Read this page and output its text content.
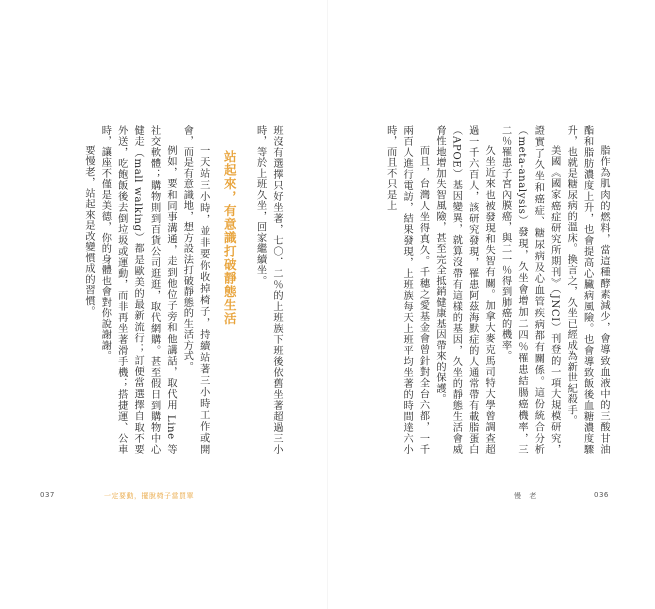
脂作為肌肉的燃料，當這種酵素減少，會導致血液中的三酸甘油酯和脂肪濃度上升，也會提高心臟病風險。也會導致飯後血糖濃度驟升，也就是糖尿病的溫床。換言之，久坐已經成為新世紀殺手。

美國《國家癌症研究所期刊》（JNCI）刊登的一項大規模研究，證實了久坐和癌症、糖尿病及心血管疾病都有關係。這份統合分析（meta-analysis）發現，久坐會增加二四％罹患結腸癌機率，三二％罹患子宮內膜癌，與二一％得到肺癌的機率。

久坐近來也被發現和失智有關。加拿大麥克馬司特大學曾調查超過一千六百人，該研究發現，罹患阿茲海默症的人通常帶有載脂蛋白（APOE）基因變異，就算沒帶有這樣的基因，久坐的靜態生活會威脅性地增加失智風險，甚至完全抵銷健康基因帶來的保護。

而且，台灣人坐得真久。千穗之愛基金會曾針對全台六都，一千兩百人進行電訪，結果發現，上班族每天上班平均坐著的時間達六小時，而且不只是上

班沒有選擇只好坐著，七〇．二％的上班族下班後依舊坐著超過三小時，等於上班久坐，回家繼續坐。

站起來，有意識打破靜態生活

一天站三小時，並非要你收掉椅子，持續站著三小時工作或開會，而是有意識地，想方設法打破靜態的生活方式。

例如，要和同事溝通，走到他位子旁和他講話，取代用 Line 等社交軟體；購物則到百貨公司逛逛，取代網購。甚至假日到購物中心健走（mall walking）都是歐美的最新流行；訂便當選擇自取不要外送，吃飽飯後去倒垃圾或運動，而非再坐著滑手機；搭捷運、公車時，讓座不僅是美德，你的身體也會對你說謝謝。

要慢老，站起來是改變慣成的習慣。

037	一定要動，擺脫椅子當買單	慢 老	036
